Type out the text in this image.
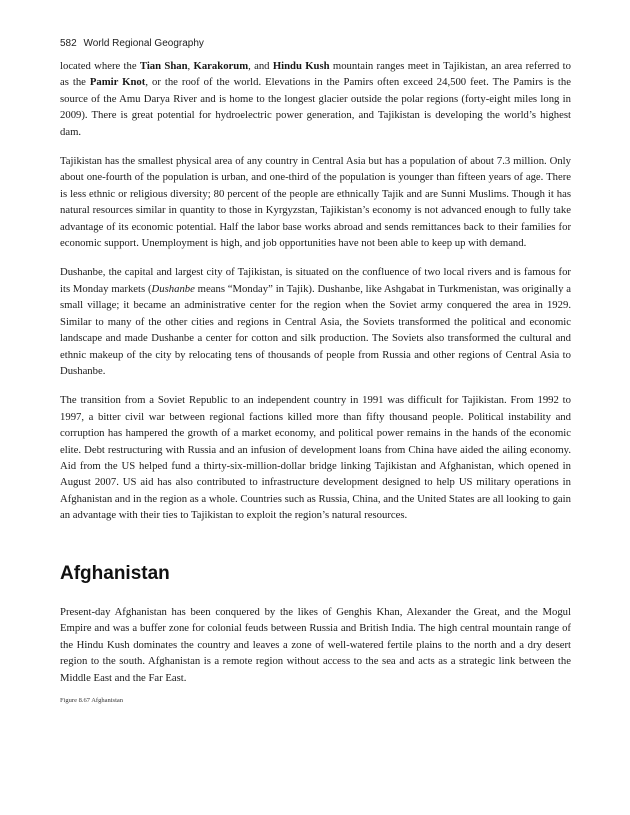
582 World Regional Geography

located where the Tian Shan, Karakorum, and Hindu Kush mountain ranges meet in Tajikistan, an area referred to as the Pamir Knot, or the roof of the world. Elevations in the Pamirs often exceed 24,500 feet. The Pamirs is the source of the Amu Darya River and is home to the longest glacier outside the polar regions (forty-eight miles long in 2009). There is great potential for hydroelectric power generation, and Tajikistan is developing the world’s highest dam.

Tajikistan has the smallest physical area of any country in Central Asia but has a population of about 7.3 million. Only about one-fourth of the population is urban, and one-third of the population is younger than fifteen years of age. There is less ethnic or religious diversity; 80 percent of the people are ethnically Tajik and are Sunni Muslims. Though it has natural resources similar in quantity to those in Kyrgyzstan, Tajikistan’s economy is not advanced enough to fully take advantage of its economic potential. Half the labor base works abroad and sends remittances back to their families for economic support. Unemployment is high, and job opportunities have not been able to keep up with demand.

Dushanbe, the capital and largest city of Tajikistan, is situated on the confluence of two local rivers and is famous for its Monday markets (Dushanbe means “Monday” in Tajik). Dushanbe, like Ashgabat in Turkmenistan, was originally a small village; it became an administrative center for the region when the Soviet army conquered the area in 1929. Similar to many of the other cities and regions in Central Asia, the Soviets transformed the political and economic landscape and made Dushanbe a center for cotton and silk production. The Soviets also transformed the cultural and ethnic makeup of the city by relocating tens of thousands of people from Russia and other regions of Central Asia to Dushanbe.

The transition from a Soviet Republic to an independent country in 1991 was difficult for Tajikistan. From 1992 to 1997, a bitter civil war between regional factions killed more than fifty thousand people. Political instability and corruption has hampered the growth of a market economy, and political power remains in the hands of the economic elite. Debt restructuring with Russia and an infusion of development loans from China have aided the ailing economy. Aid from the US helped fund a thirty-six-million-dollar bridge linking Tajikistan and Afghanistan, which opened in August 2007. US aid has also contributed to infrastructure development designed to help US military operations in Afghanistan and in the region as a whole. Countries such as Russia, China, and the United States are all looking to gain an advantage with their ties to Tajikistan to exploit the region’s natural resources.

Afghanistan

Present-day Afghanistan has been conquered by the likes of Genghis Khan, Alexander the Great, and the Mogul Empire and was a buffer zone for colonial feuds between Russia and British India. The high central mountain range of the Hindu Kush dominates the country and leaves a zone of well-watered fertile plains to the north and a dry desert region to the south. Afghanistan is a remote region without access to the sea and acts as a strategic link between the Middle East and the Far East.

Figure 8.67 Afghanistan
